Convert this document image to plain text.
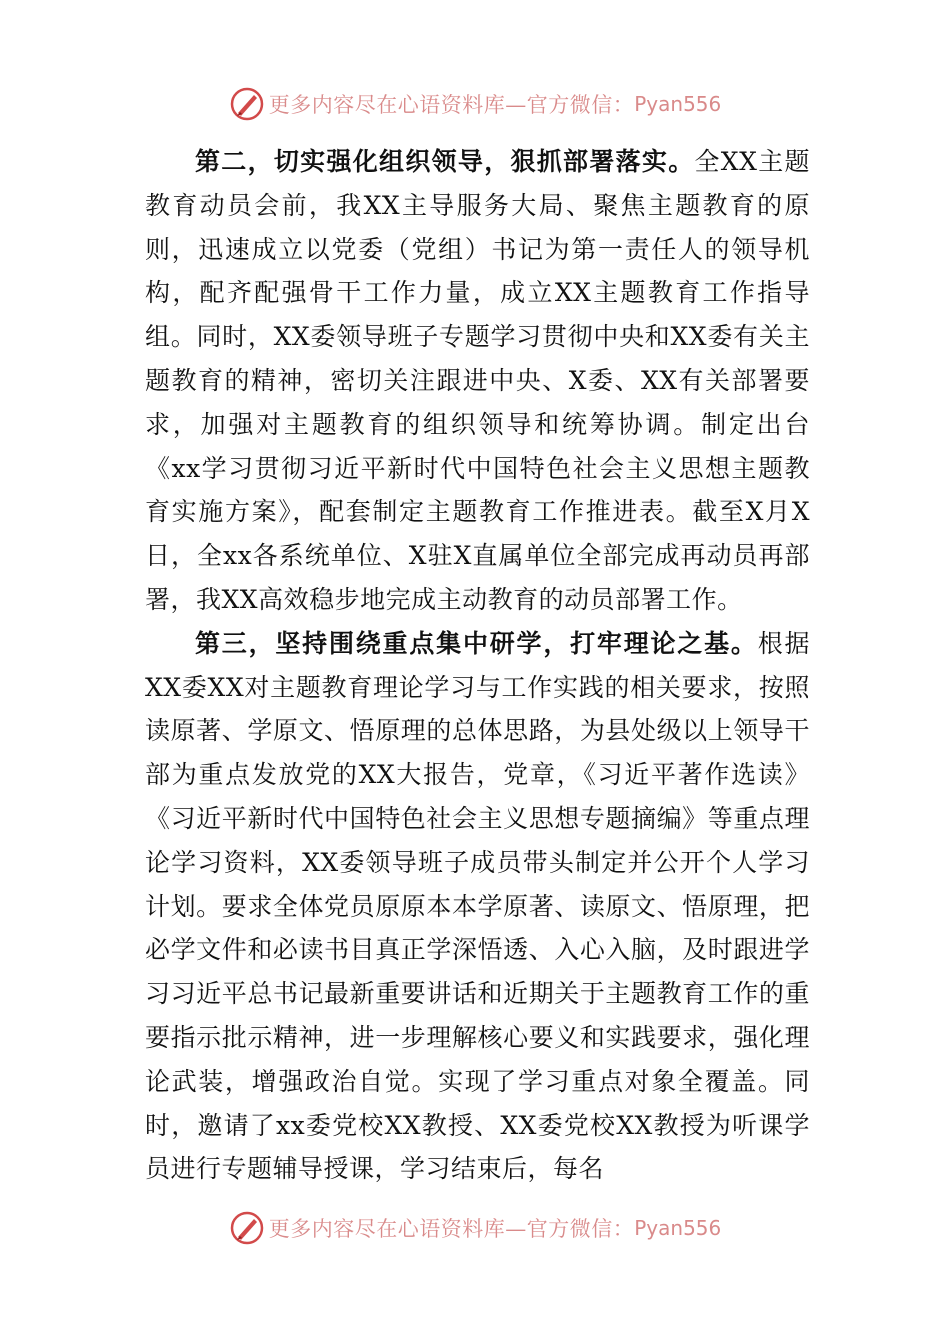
更多内容尽在心语资料库—官方微信： Pyan556

第二，切实强化组织领导，狠抓部署落实。全XX主题教育动员会前，我XX主导服务大局、聚焦主题教育的原则，迅速成立以党委（党组）书记为第一责任人的领导机构，配齐配强骨干工作力量，成立XX主题教育工作指导组。同时，XX委领导班子专题学习贯彻中央和XX委有关主题教育的精神，密切关注跟进中央、X委、XX有关部署要求，加强对主题教育的组织领导和统筹协调。制定出台《xx学习贯彻习近平新时代中国特色社会主义思想主题教育实施方案》，配套制定主题教育工作推进表。截至X月X日，全xx各系统单位、X驻X直属单位全部完成再动员再部署，我XX高效稳步地完成主动教育的动员部署工作。

第三，坚持围绕重点集中研学，打牢理论之基。根据XX委XX对主题教育理论学习与工作实践的相关要求，按照读原著、学原文、悟原理的总体思路，为县处级以上领导干部为重点发放党的XX大报告，党章，《习近平著作选读》《习近平新时代中国特色社会主义思想专题摘编》等重点理论学习资料，XX委领导班子成员带头制定并公开个人学习计划。要求全体党员原原本本学原著、读原文、悟原理，把必学文件和必读书目真正学深悟透、入心入脑，及时跟进学习习近平总书记最新重要讲话和近期关于主题教育工作的重要指示批示精神，进一步理解核心要义和实践要求，强化理论武装，增强政治自觉。实现了学习重点对象全覆盖。同时，邀请了xx委党校XX教授、XX委党校XX教授为听课学员进行专题辅导授课，学习结束后，每名

更多内容尽在心语资料库—官方微信： Pyan556
